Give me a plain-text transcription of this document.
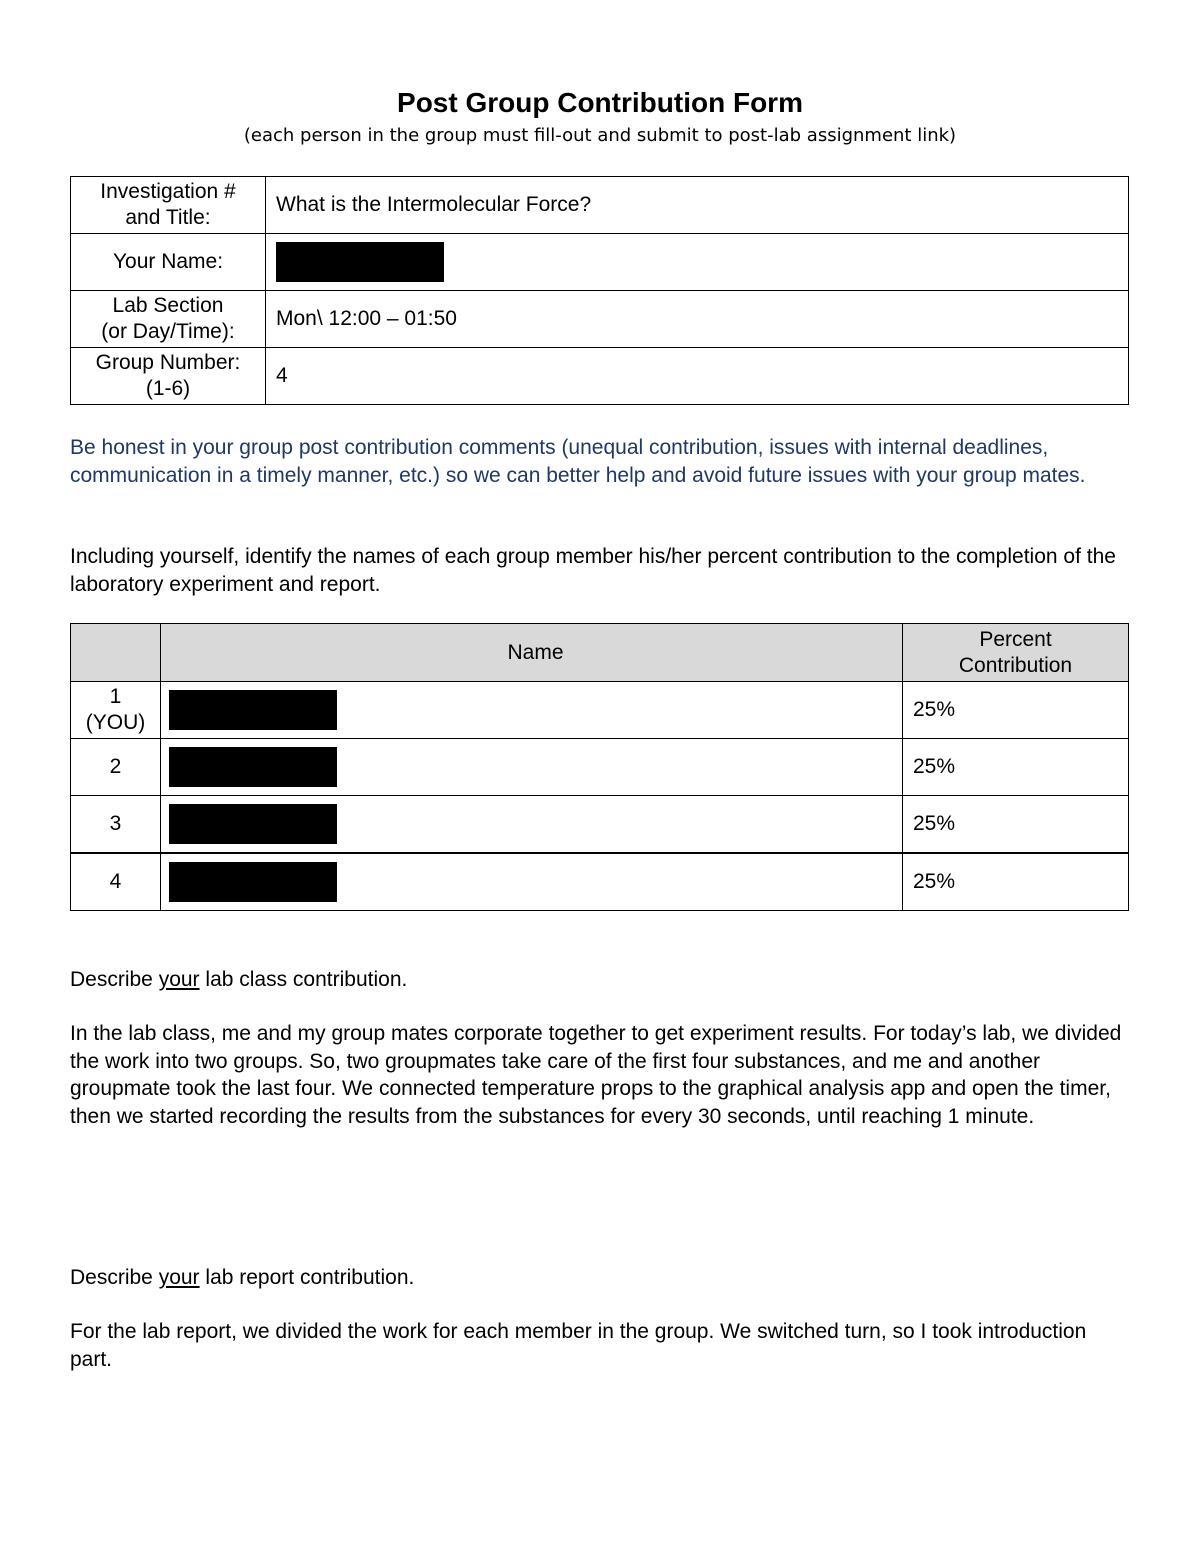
Post Group Contribution Form
(each person in the group must fill-out and submit to post-lab assignment link)
Investigation #
and Title:	What is the Intermolecular Force?
Your Name:	
Lab Section
(or Day/Time):	Mon\ 12:00 – 01:50
Group Number:
(1-6)	4
Be honest in your group post contribution comments (unequal contribution, issues with internal deadlines, communication in a timely manner, etc.) so we can better help and avoid future issues with your group mates.
Including yourself, identify the names of each group member his/her percent contribution to the completion of the laboratory experiment and report.
	Name	Percent
Contribution
1
(YOU)		25%
2		25%
3		25%
4		25%
Describe your lab class contribution.
In the lab class, me and my group mates corporate together to get experiment results. For today’s lab, we divided the work into two groups. So, two groupmates take care of the first four substances, and me and another groupmate took the last four. We connected temperature props to the graphical analysis app and open the timer, then we started recording the results from the substances for every 30 seconds, until reaching 1 minute.
Describe your lab report contribution.
For the lab report, we divided the work for each member in the group. We switched turn, so I took introduction part.
